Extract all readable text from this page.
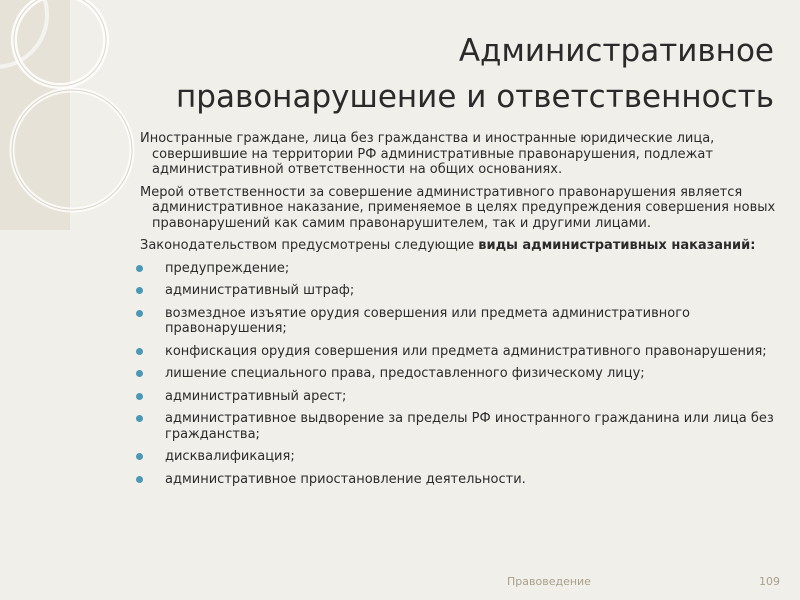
Административное
правонарушение и ответственность

Иностранные граждане, лица без гражданства и иностранные юридические лица, совершившие на территории РФ административные правонарушения, подлежат административной ответственности на общих основаниях.

Мерой ответственности за совершение административного правонарушения является административное наказание, применяемое в целях предупреждения совершения новых правонарушений как самим правонарушителем, так и другими лицами.

Законодательством предусмотрены следующие виды административных наказаний:

предупреждение;
административный штраф;
возмездное изъятие орудия совершения или предмета административного правонарушения;
конфискация орудия совершения или предмета административного правонарушения;
лишение специального права, предоставленного физическому лицу;
административный арест;
административное выдворение за пределы РФ иностранного гражданина или лица без гражданства;
дисквалификация;
административное приостановление деятельности.
Правоведение	109
